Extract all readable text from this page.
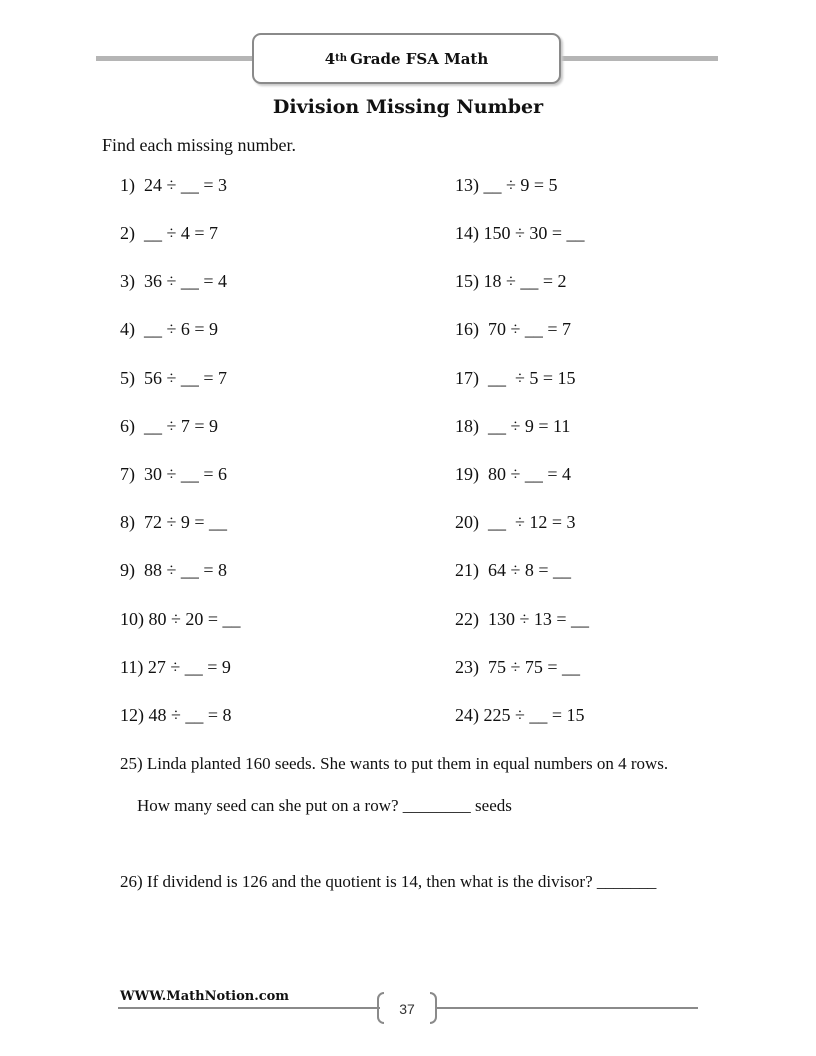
4 th Grade FSA Math
Division Missing Number
Find each missing number.
1)  24 ÷ __ = 3
2)  __ ÷ 4 = 7
3)  36 ÷ __ = 4
4)  __ ÷ 6 = 9
5)  56 ÷ __ = 7
6)  __ ÷ 7 = 9
7)  30 ÷ __ = 6
8)  72 ÷ 9 = __
9)  88 ÷ __ = 8
10) 80 ÷ 20 = __
11) 27 ÷ __ = 9
12) 48 ÷ __ = 8
13) __ ÷ 9 = 5
14) 150 ÷ 30 = __
15) 18 ÷ __ = 2
16)  70 ÷ __ = 7
17)  __  ÷ 5 = 15
18)  __ ÷ 9 = 11
19)  80 ÷ __ = 4
20)  __  ÷ 12 = 3
21)  64 ÷ 8 = __
22)  130 ÷ 13 = __
23)  75 ÷ 75 = __
24) 225 ÷ __ = 15
25) Linda planted 160 seeds. She wants to put them in equal numbers on 4 rows.
How many seed can she put on a row? ________ seeds
26) If dividend is 126 and the quotient is 14, then what is the divisor? _______
WWW.MathNotion.com
37
